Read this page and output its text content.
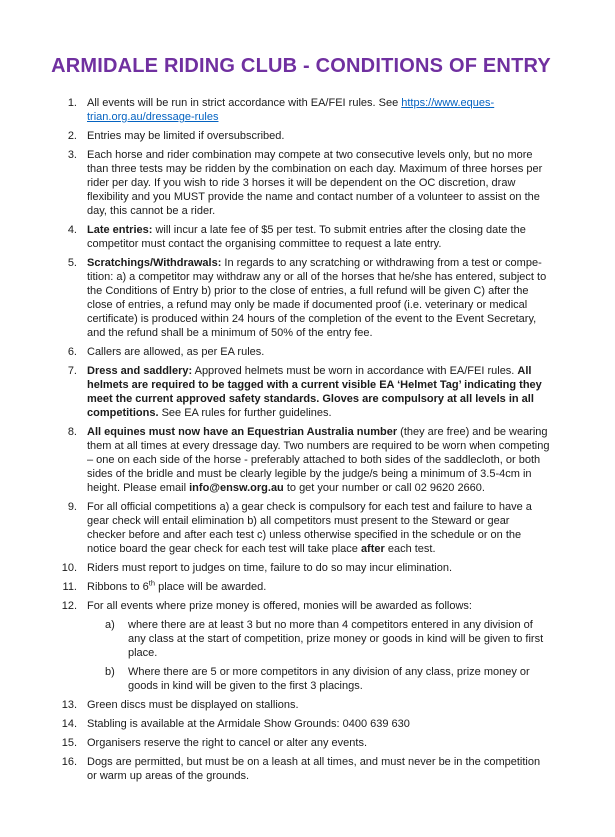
ARMIDALE RIDING CLUB - CONDITIONS OF ENTRY
1. All events will be run in strict accordance with EA/FEI rules. See https://www.equestrian.org.au/dressage-rules
2. Entries may be limited if oversubscribed.
3. Each horse and rider combination may compete at two consecutive levels only, but no more than three tests may be ridden by the combination on each day. Maximum of three horses per rider per day. If you wish to ride 3 horses it will be dependent on the OC discretion, draw flexibility and you MUST provide the name and contact number of a volunteer to assist on the day, this cannot be a rider.
4. Late entries: will incur a late fee of $5 per test. To submit entries after the closing date the competitor must contact the organising committee to request a late entry.
5. Scratchings/Withdrawals: In regards to any scratching or withdrawing from a test or competition: a) a competitor may withdraw any or all of the horses that he/she has entered, subject to the Conditions of Entry b) prior to the close of entries, a full refund will be given C) after the close of entries, a refund may only be made if documented proof (i.e. veterinary or medical certificate) is produced within 24 hours of the completion of the event to the Event Secretary, and the refund shall be a minimum of 50% of the entry fee.
6. Callers are allowed, as per EA rules.
7. Dress and saddlery: Approved helmets must be worn in accordance with EA/FEI rules. All helmets are required to be tagged with a current visible EA ‘Helmet Tag’ indicating they meet the current approved safety standards. Gloves are compulsory at all levels in all competitions. See EA rules for further guidelines.
8. All equines must now have an Equestrian Australia number (they are free) and be wearing them at all times at every dressage day. Two numbers are required to be worn when competing – one on each side of the horse - preferably attached to both sides of the saddlecloth, or both sides of the bridle and must be clearly legible by the judge/s being a minimum of 3.5-4cm in height. Please email info@ensw.org.au to get your number or call 02 9620 2660.
9. For all official competitions a) a gear check is compulsory for each test and failure to have a gear check will entail elimination b) all competitors must present to the Steward or gear checker before and after each test c) unless otherwise specified in the schedule or on the notice board the gear check for each test will take place after each test.
10. Riders must report to judges on time, failure to do so may incur elimination.
11. Ribbons to 6th place will be awarded.
12. For all events where prize money is offered, monies will be awarded as follows:
a)	where there are at least 3 but no more than 4 competitors entered in any division of any class at the start of competition, prize money or goods in kind will be given to first place.
b)	Where there are 5 or more competitors in any division of any class, prize money or goods in kind will be given to the first 3 placings.
13. Green discs must be displayed on stallions.
14. Stabling is available at the Armidale Show Grounds: 0400 639 630
15. Organisers reserve the right to cancel or alter any events.
16. Dogs are permitted, but must be on a leash at all times, and must never be in the competition or warm up areas of the grounds.
